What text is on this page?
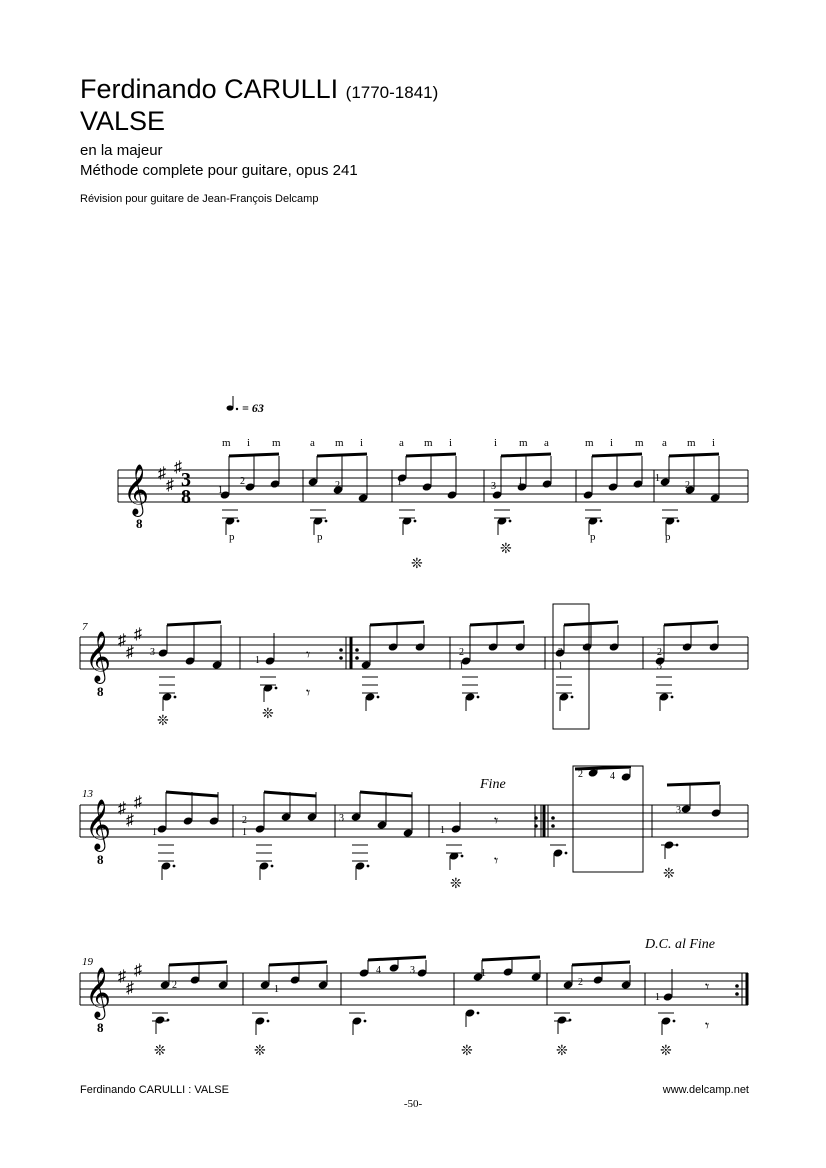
Ferdinando CARULLI (1770-1841)
VALSE
en la majeur
Méthode complete pour guitare, opus 241
Révision pour guitare de Jean-François Delcamp
𝄞
𝄞
𝄞
𝄞
8
8
8
8
♯
♯
♯
♯
♯
♯
♯
♯
♯
♯
♯
♯
3
8
= 63
7
13
19
Fine
D.C. al Fine
m i m	a m i	a m i	i m a	m i m a m i
p	p	p
p
❊
❊
1
2	2	1	3 1	1
2
𝄾
𝄾
❊	❊
3
1
2
1
2
1
2
3
𝄾
𝄾
❊
❊
1
2
1
3
1
2	4
3
𝄾
𝄾
❊	❊	❊	❊	❊
2	1
4	3	1
2
1
Ferdinando CARULLI : VALSE	www.delcamp.net
-50-
